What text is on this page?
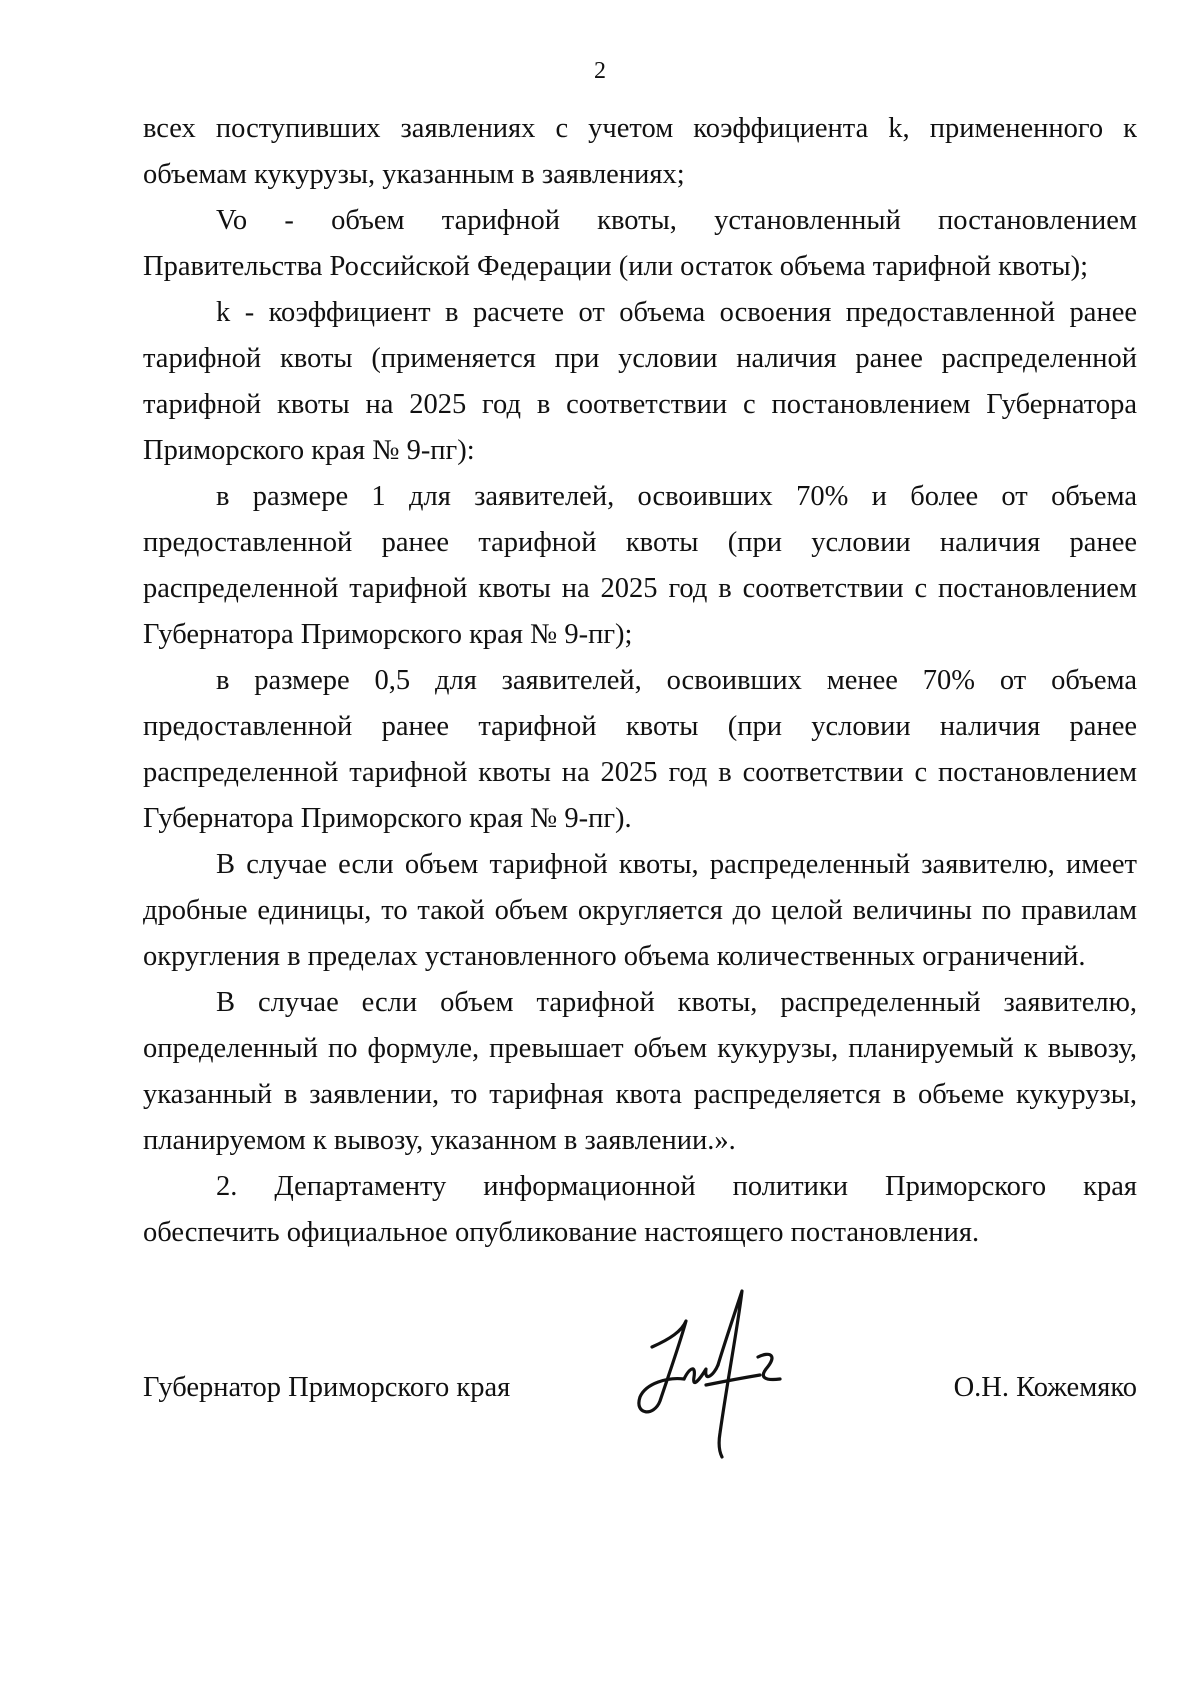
2

всех поступивших заявлениях с учетом коэффициента k, примененного к объемам кукурузы, указанным в заявлениях;

Vo - объем тарифной квоты, установленный постановлением Правительства Российской Федерации (или остаток объема тарифной квоты);

k - коэффициент в расчете от объема освоения предоставленной ранее тарифной квоты (применяется при условии наличия ранее распределенной тарифной квоты на 2025 год в соответствии с постановлением Губернатора Приморского края № 9-пг):

в размере 1 для заявителей, освоивших 70% и более от объема предоставленной ранее тарифной квоты (при условии наличия ранее распределенной тарифной квоты на 2025 год в соответствии с постановлением Губернатора Приморского края № 9-пг);

в размере 0,5 для заявителей, освоивших менее 70% от объема предоставленной ранее тарифной квоты (при условии наличия ранее распределенной тарифной квоты на 2025 год в соответствии с постановлением Губернатора Приморского края № 9-пг).

В случае если объем тарифной квоты, распределенный заявителю, имеет дробные единицы, то такой объем округляется до целой величины по правилам округления в пределах установленного объема количественных ограничений.

В случае если объем тарифной квоты, распределенный заявителю, определенный по формуле, превышает объем кукурузы, планируемый к вывозу, указанный в заявлении, то тарифная квота распределяется в объеме кукурузы, планируемом к вывозу, указанном в заявлении.».

2. Департаменту информационной политики Приморского края

обеспечить официальное опубликование настоящего постановления.

Губернатор Приморского края	О.Н. Кожемяко
